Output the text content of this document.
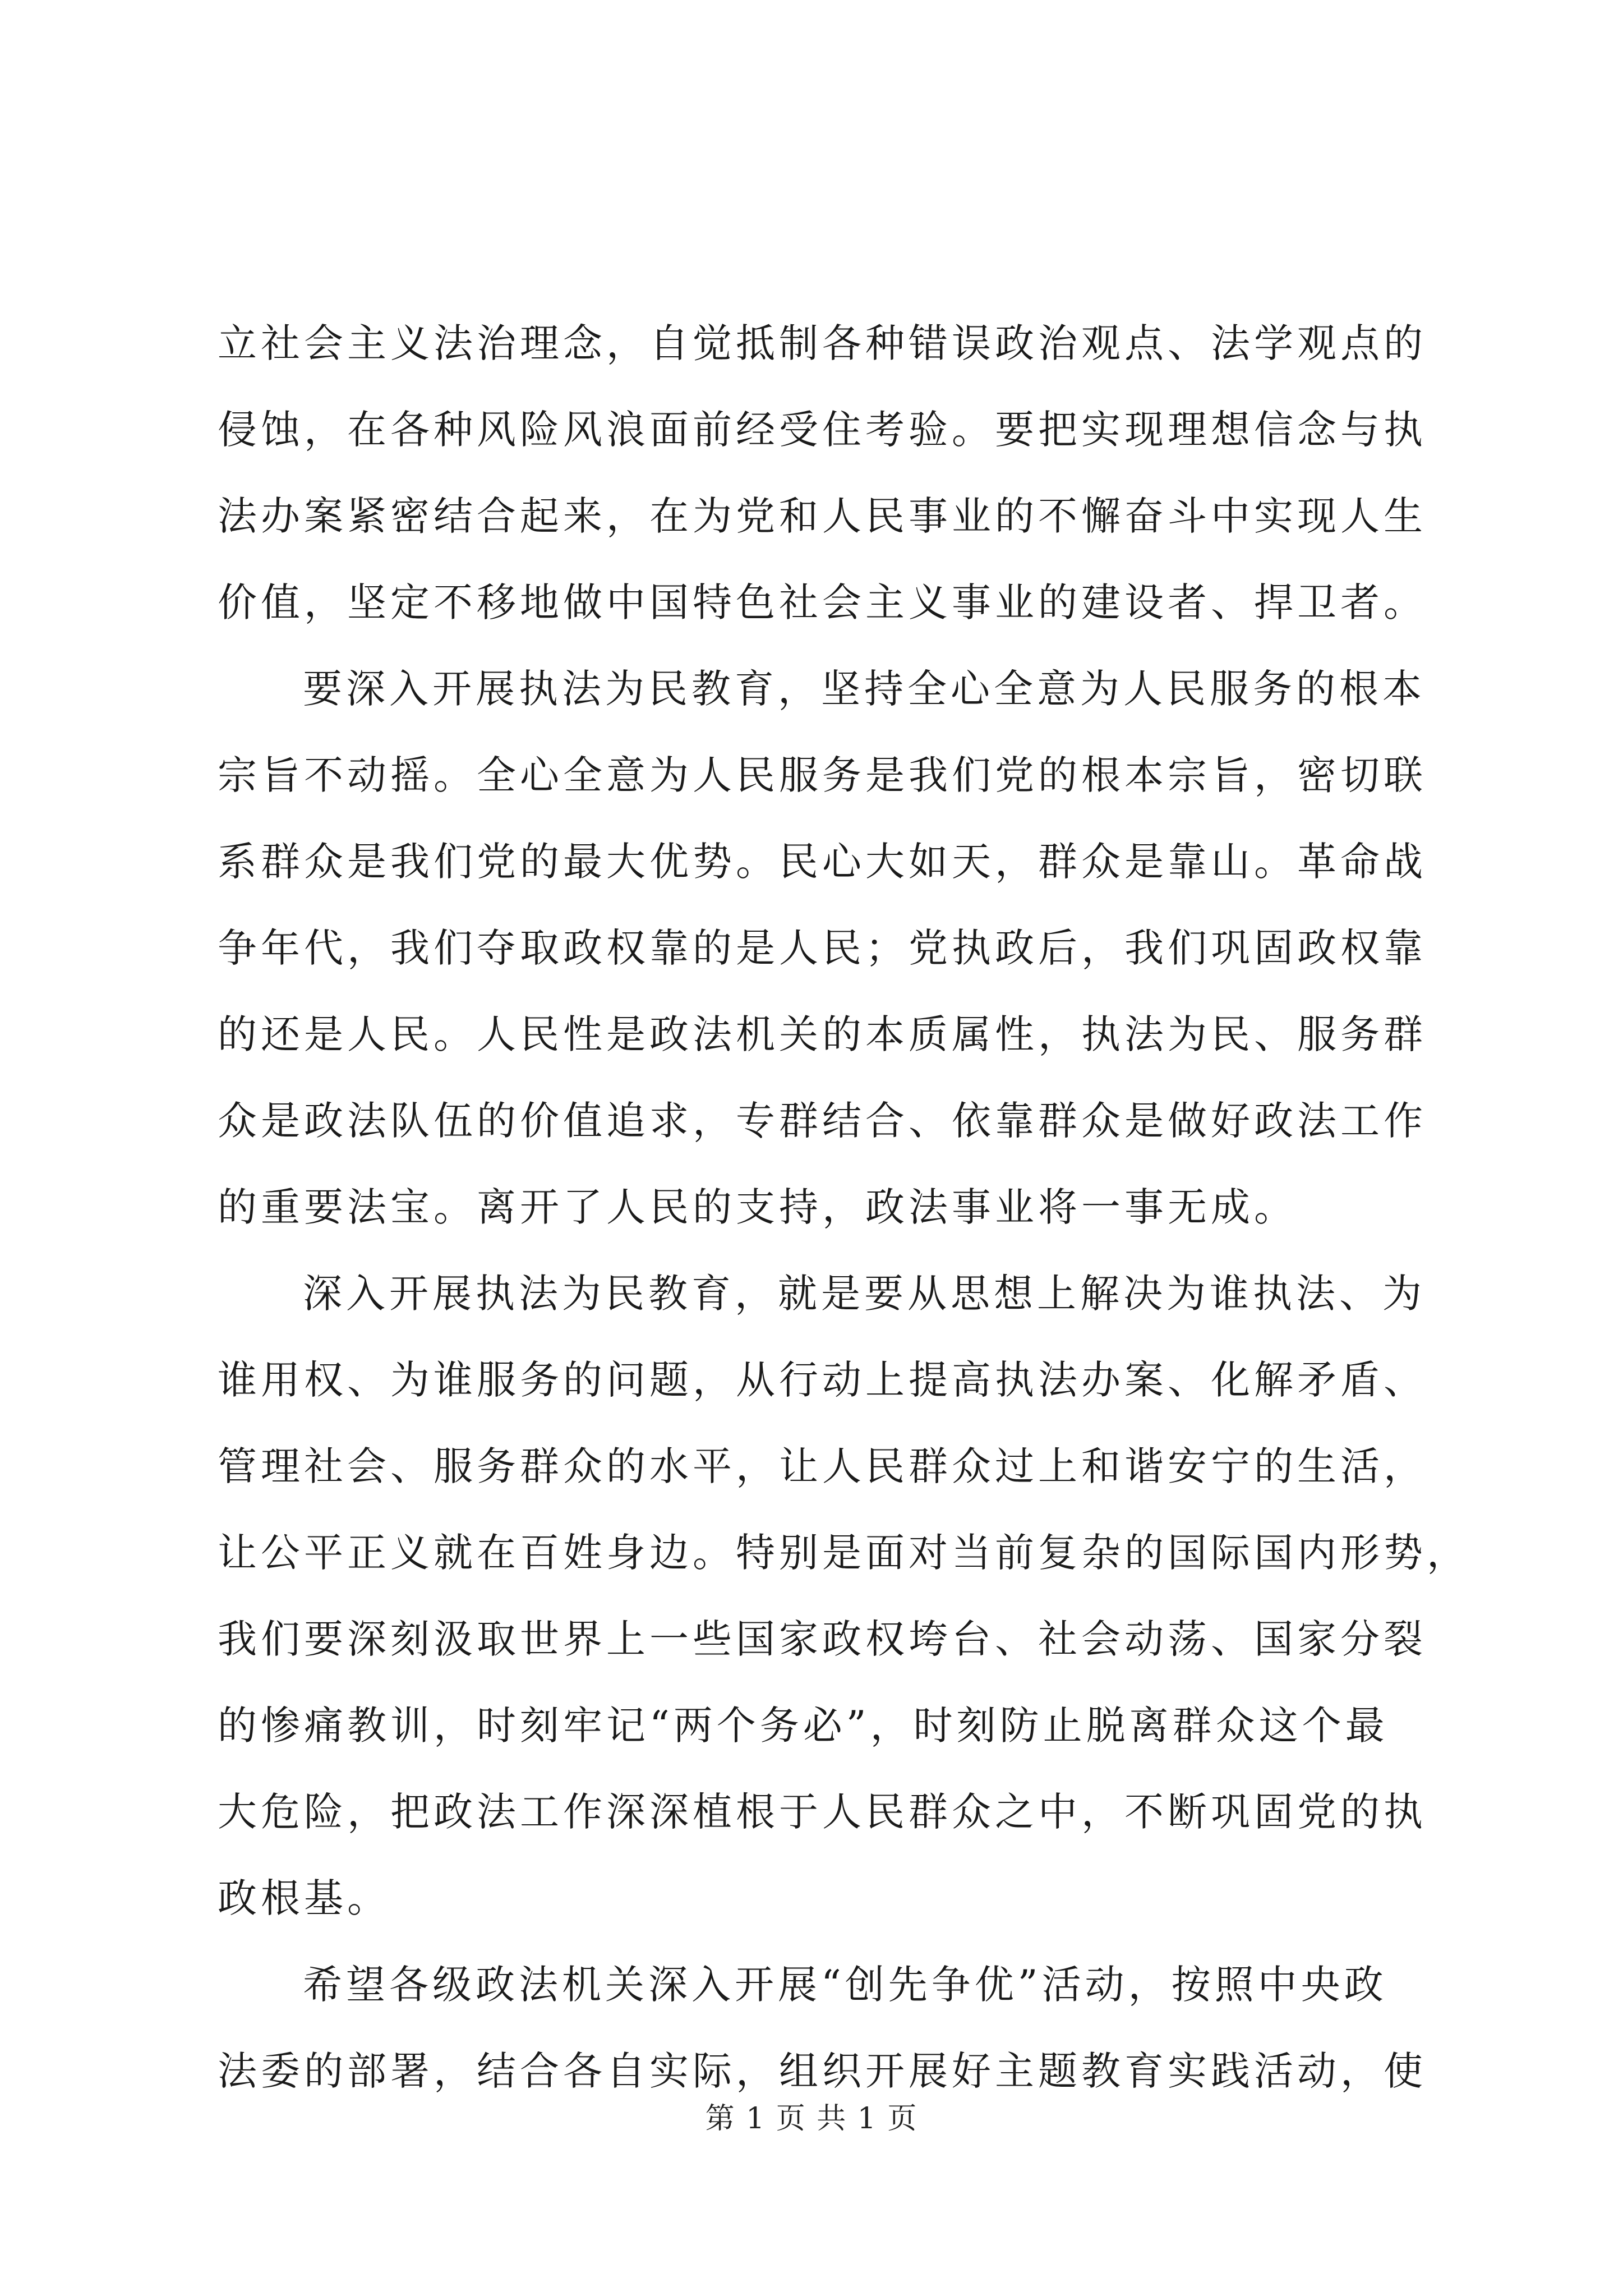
立社会主义法治理念，自觉抵制各种错误政治观点、法学观点的
侵蚀，在各种风险风浪面前经受住考验。要把实现理想信念与执
法办案紧密结合起来，在为党和人民事业的不懈奋斗中实现人生
价值，坚定不移地做中国特色社会主义事业的建设者、捍卫者。
要深入开展执法为民教育，坚持全心全意为人民服务的根本
宗旨不动摇。全心全意为人民服务是我们党的根本宗旨，密切联
系群众是我们党的最大优势。民心大如天，群众是靠山。革命战
争年代，我们夺取政权靠的是人民；党执政后，我们巩固政权靠
的还是人民。人民性是政法机关的本质属性，执法为民、服务群
众是政法队伍的价值追求，专群结合、依靠群众是做好政法工作
的重要法宝。离开了人民的支持，政法事业将一事无成。
深入开展执法为民教育，就是要从思想上解决为谁执法、为
谁用权、为谁服务的问题，从行动上提高执法办案、化解矛盾、
管理社会、服务群众的水平，让人民群众过上和谐安宁的生活，
让公平正义就在百姓身边。特别是面对当前复杂的国际国内形势，
我们要深刻汲取世界上一些国家政权垮台、社会动荡、国家分裂
的惨痛教训，时刻牢记“两个务必”，时刻防止脱离群众这个最
大危险，把政法工作深深植根于人民群众之中，不断巩固党的执
政根基。
希望各级政法机关深入开展“创先争优”活动，按照中央政
法委的部署，结合各自实际，组织开展好主题教育实践活动，使
第 1 页 共 1 页
